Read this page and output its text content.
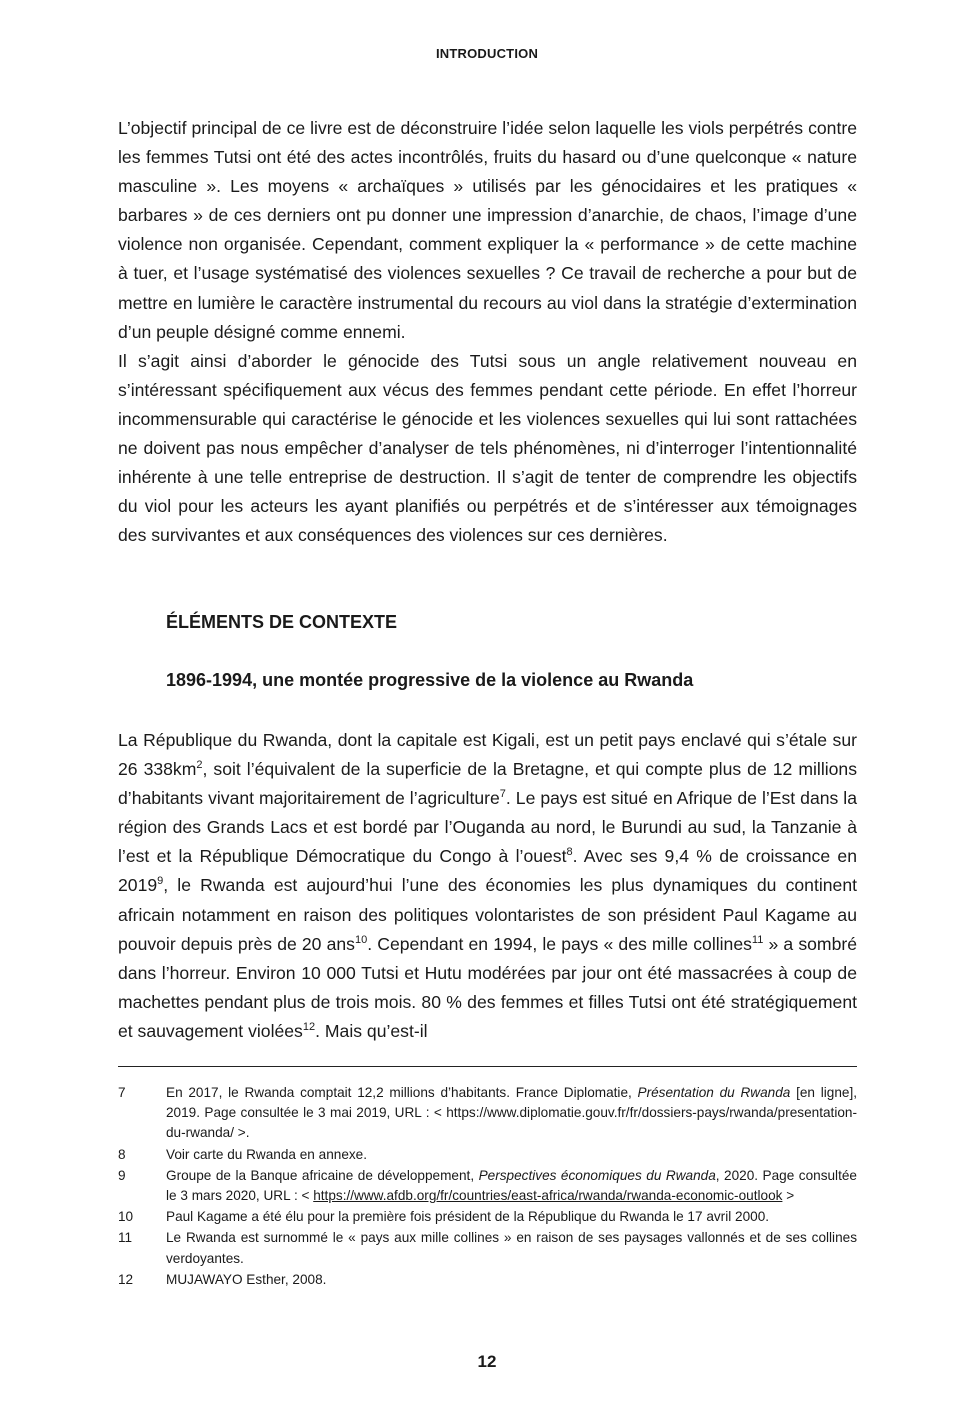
INTRODUCTION

L’objectif principal de ce livre est de déconstruire l’idée selon laquelle les viols perpétrés contre les femmes Tutsi ont été des actes incontrôlés, fruits du hasard ou d’une quelconque « nature masculine ». Les moyens « archaïques » utilisés par les génocidaires et les pratiques « barbares » de ces derniers ont pu donner une impression d’anarchie, de chaos, l’image d’une violence non organisée. Cependant, comment expliquer la « performance » de cette machine à tuer, et l’usage systématisé des violences sexuelles ? Ce travail de recherche a pour but de mettre en lumière le caractère instrumental du recours au viol dans la stratégie d’extermination d’un peuple désigné comme ennemi.

Il s’agit ainsi d’aborder le génocide des Tutsi sous un angle relativement nouveau en s’intéressant spécifiquement aux vécus des femmes pendant cette période. En effet l’horreur incommensurable qui caractérise le génocide et les violences sexuelles qui lui sont rattachées ne doivent pas nous empêcher d’analyser de tels phénomènes, ni d’interroger l’intentionnalité inhérente à une telle entreprise de destruction. Il s’agit de tenter de comprendre les objectifs du viol pour les acteurs les ayant planifiés ou perpétrés et de s’intéresser aux témoignages des survivantes et aux conséquences des violences sur ces dernières.

ÉLÉMENTS DE CONTEXTE
1896-1994, une montée progressive de la violence au Rwanda

La République du Rwanda, dont la capitale est Kigali, est un petit pays enclavé qui s’étale sur 26 $338km^2$, soit l’équivalent de la superficie de la Bretagne, et qui compte plus de 12 millions d’habitants vivant majoritairement de l’agriculture$^7$. Le pays est situé en Afrique de l’Est dans la région des Grands Lacs et est bordé par l’Ouganda au nord, le Burundi au sud, la Tanzanie à l’est et la République Démocratique du Congo à l’ouest$^8$. Avec ses 9,4 % de croissance en 2019$^9$, le Rwanda est aujourd’hui l’une des économies les plus dynamiques du continent africain notamment en raison des politiques volontaristes de son président Paul Kagame au pouvoir depuis près de 20 ans$^{10}$. Cependant en 1994, le pays « des mille collines$^{11}$ » a sombré dans l’horreur. Environ 10 000 Tutsi et Hutu modérées par jour ont été massacrées à coup de machettes pendant plus de trois mois. 80 % des femmes et filles Tutsi ont été stratégiquement et sauvagement violées$^{12}$. Mais qu’est-il

7	En 2017, le Rwanda comptait 12,2 millions d’habitants. France Diplomatie, Présentation du Rwanda [en ligne], 2019. Page consultée le 3 mai 2019, URL : < https://www.diplomatie.gouv.fr/fr/dossiers-pays/rwanda/presentation-du-rwanda/ >.
8	Voir carte du Rwanda en annexe.
9	Groupe de la Banque africaine de développement, Perspectives économiques du Rwanda, 2020. Page consultée le 3 mars 2020, URL : < https://www.afdb.org/fr/countries/east-africa/rwanda/rwanda-economic-outlook >
10	Paul Kagame a été élu pour la première fois président de la République du Rwanda le 17 avril 2000.
11	Le Rwanda est surnommé le « pays aux mille collines » en raison de ses paysages vallonnés et de ses collines verdoyantes.
12	MUJAWAYO Esther, 2008.
12
